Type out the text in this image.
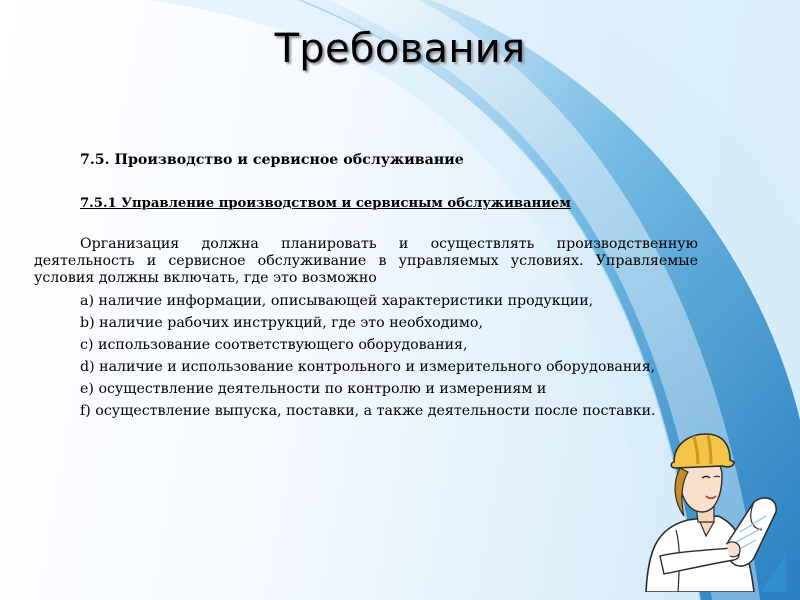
Требования
7.5. Производство и сервисное обслуживание
7.5.1 Управление производством и сервисным обслуживанием
Организация должна планировать и осуществлять производственную деятельность и сервисное обслуживание в управляемых условиях. Управляемые условия должны включать, где это возможно
a) наличие информации, описывающей характеристики продукции,
b) наличие рабочих инструкций, где это необходимо,
c) использование соответствующего оборудования,
d) наличие и использование контрольного и измерительного оборудования,
e) осуществление деятельности по контролю и измерениям и
f) осуществление выпуска, поставки, а также деятельности после поставки.
